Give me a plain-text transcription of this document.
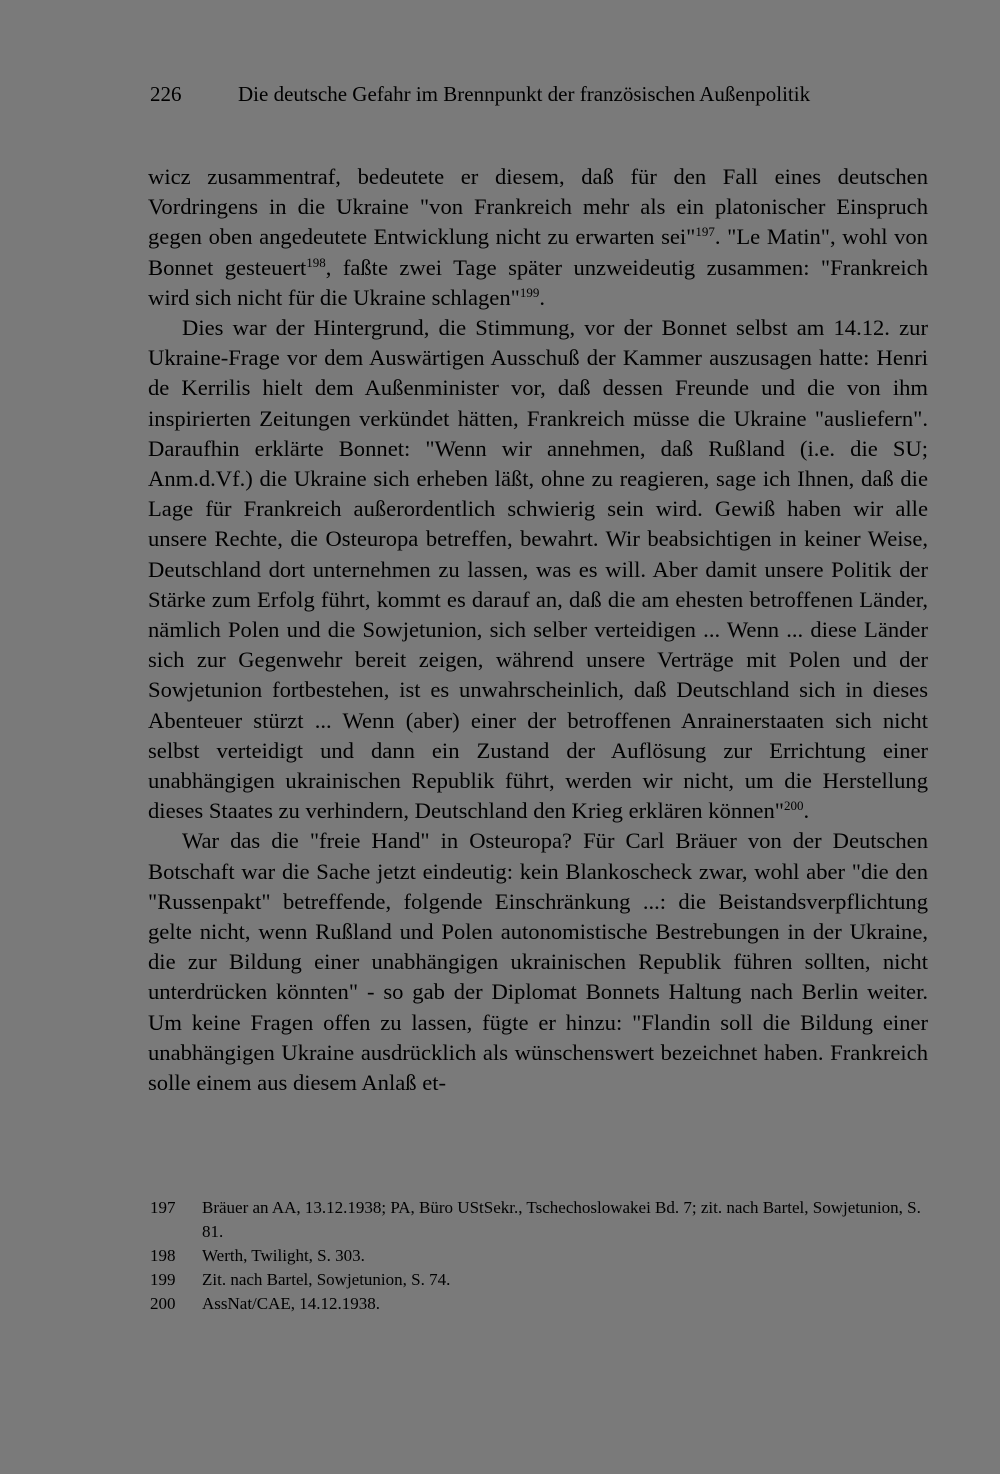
226	Die deutsche Gefahr im Brennpunkt der französischen Außenpolitik

wicz zusammentraf, bedeutete er diesem, daß für den Fall eines deutschen Vordringens in die Ukraine "von Frankreich mehr als ein platonischer Einspruch gegen oben angedeutete Entwicklung nicht zu erwarten sei"$^{197}$. "Le Matin", wohl von Bonnet gesteuert$^{198}$, faßte zwei Tage später unzweideutig zusammen: "Frankreich wird sich nicht für die Ukraine schlagen"$^{199}$.

Dies war der Hintergrund, die Stimmung, vor der Bonnet selbst am 14.12. zur Ukraine-Frage vor dem Auswärtigen Ausschuß der Kammer auszusagen hatte: Henri de Kerrilis hielt dem Außenminister vor, daß dessen Freunde und die von ihm inspirierten Zeitungen verkündet hätten, Frankreich müsse die Ukraine "ausliefern". Daraufhin erklärte Bonnet: "Wenn wir annehmen, daß Rußland (i.e. die SU; Anm.d.Vf.) die Ukraine sich erheben läßt, ohne zu reagieren, sage ich Ihnen, daß die Lage für Frankreich außerordentlich schwierig sein wird. Gewiß haben wir alle unsere Rechte, die Osteuropa betreffen, bewahrt. Wir beabsichtigen in keiner Weise, Deutschland dort unternehmen zu lassen, was es will. Aber damit unsere Politik der Stärke zum Erfolg führt, kommt es darauf an, daß die am ehesten betroffenen Länder, nämlich Polen und die Sowjetunion, sich selber verteidigen ... Wenn ... diese Länder sich zur Gegenwehr bereit zeigen, während unsere Verträge mit Polen und der Sowjetunion fortbestehen, ist es unwahrscheinlich, daß Deutschland sich in dieses Abenteuer stürzt ... Wenn (aber) einer der betroffenen Anrainerstaaten sich nicht selbst verteidigt und dann ein Zustand der Auflösung zur Errichtung einer unabhängigen ukrainischen Republik führt, werden wir nicht, um die Herstellung dieses Staates zu verhindern, Deutschland den Krieg erklären können"$^{200}$.

War das die "freie Hand" in Osteuropa? Für Carl Bräuer von der Deutschen Botschaft war die Sache jetzt eindeutig: kein Blankoscheck zwar, wohl aber "die den "Russenpakt" betreffende, folgende Einschränkung ...: die Beistandsverpflichtung gelte nicht, wenn Rußland und Polen autonomistische Bestrebungen in der Ukraine, die zur Bildung einer unabhängigen ukrainischen Republik führen sollten, nicht unterdrücken könnten" - so gab der Diplomat Bonnets Haltung nach Berlin weiter. Um keine Fragen offen zu lassen, fügte er hinzu: "Flandin soll die Bildung einer unabhängigen Ukraine ausdrücklich als wünschenswert bezeichnet haben. Frankreich solle einem aus diesem Anlaß et-

197	Bräuer an AA, 13.12.1938; PA, Büro UStSekr., Tschechoslowakei Bd. 7; zit. nach Bartel, Sowjetunion, S. 81.
198	Werth, Twilight, S. 303.
199	Zit. nach Bartel, Sowjetunion, S. 74.
200	AssNat/CAE, 14.12.1938.
